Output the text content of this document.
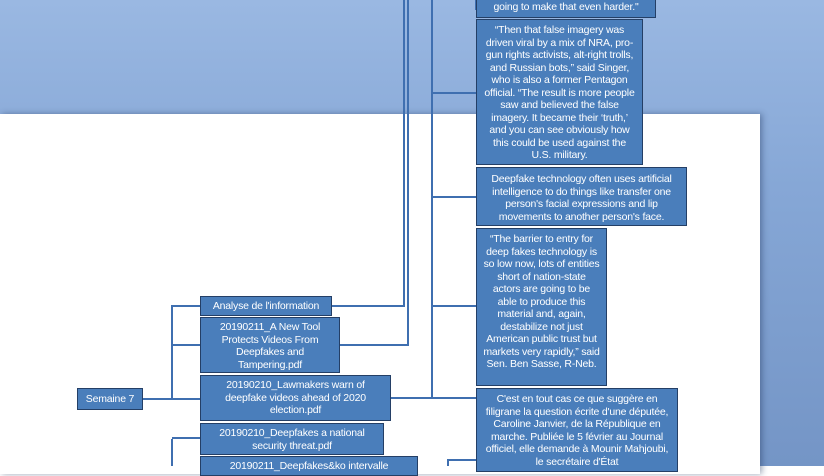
Semaine 7
Analyse de l'information
20190211_A New Tool Protects Videos From Deepfakes and Tampering.pdf
20190210_Lawmakers warn of deepfake videos ahead of 2020 election.pdf
20190210_Deepfakes a national security threat.pdf
20190211_Deepfakes&ko intervalle
going to make that even harder."
“Then that false imagery was driven viral by a mix of NRA, pro-gun rights activists, alt-right trolls, and Russian bots,” said Singer, who is also a former Pentagon official. “The result is more people saw and believed the false imagery. It became their ‘truth,’ and you can see obviously how this could be used against the U.S. military.
Deepfake technology often uses artificial intelligence to do things like transfer one person's facial expressions and lip movements to another person's face.
“The barrier to entry for deep fakes technology is so low now, lots of entities short of nation-state actors are going to be able to produce this material and, again, destabilize not just American public trust but markets very rapidly,” said Sen. Ben Sasse, R-Neb.
C'est en tout cas ce que suggère en filigrane la question écrite d'une députée, Caroline Janvier, de la République en marche. Publiée le 5 février au Journal officiel, elle demande à Mounir Mahjoubi, le secrétaire d'État
